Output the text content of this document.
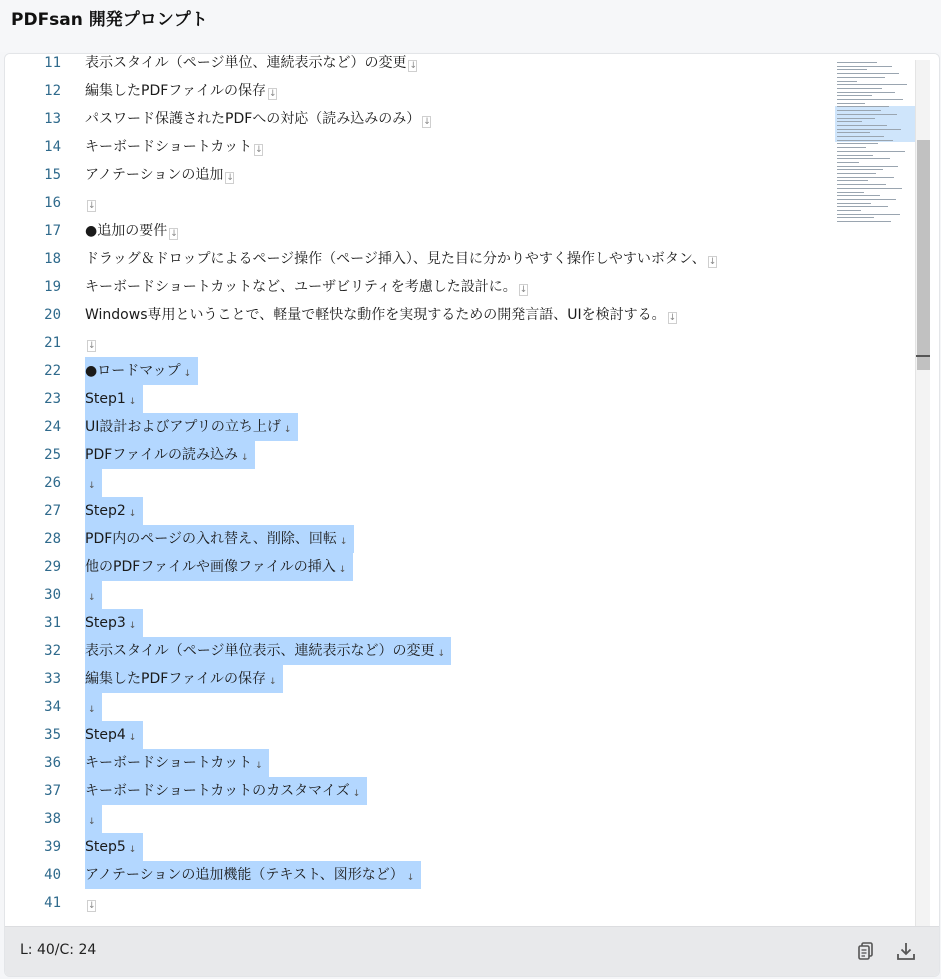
PDFsan 開発プロンプト
11 表示スタイル（ページ単位、連続表示など）の変更 ↓
12 編集したPDFファイルの保存 ↓
13 パスワード保護されたPDFへの対応（読み込みのみ） ↓
14 キーボードショートカット ↓
15 アノテーションの追加 ↓
16	↓
17 ●追加の要件 ↓
18 ドラッグ＆ドロップによるページ操作（ページ挿入）、見た目に分かりやすく操作しやすいボタン、 ↓
19 キーボードショートカットなど、ユーザビリティを考慮した設計に。 ↓
20 Windows専用ということで、軽量で軽快な動作を実現するための開発言語、UIを検討する。 ↓
21	↓
22 ●ロードマップ ↓
23 Step1 ↓
24 UI設計およびアプリの立ち上げ ↓
25 PDFファイルの読み込み ↓
26	↓
27 Step2 ↓
28 PDF内のページの入れ替え、削除、回転 ↓
29 他のPDFファイルや画像ファイルの挿入 ↓
30	↓
31 Step3 ↓
32 表示スタイル（ページ単位表示、連続表示など）の変更 ↓
33 編集したPDFファイルの保存 ↓
34	↓
35 Step4 ↓
36 キーボードショートカット ↓
37 キーボードショートカットのカスタマイズ ↓
38	↓
39 Step5 ↓
40 アノテーションの追加機能（テキスト、図形など） ↓
41	↓
L: 40/C: 24
